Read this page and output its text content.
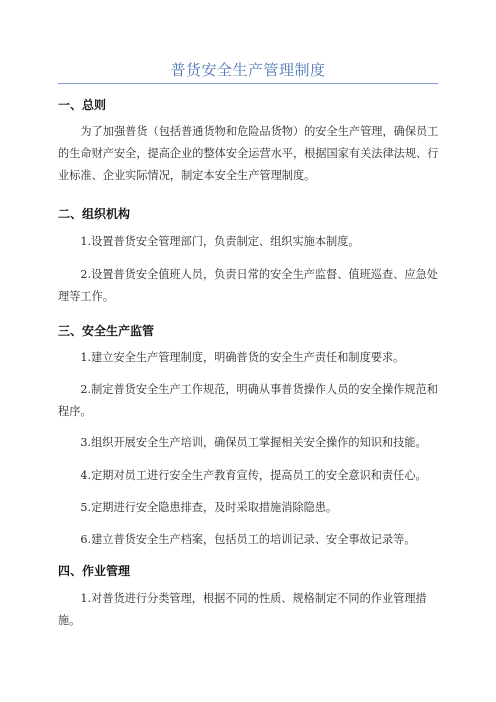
普货安全生产管理制度
一、总则

为了加强普货（包括普通货物和危险品货物）的安全生产管理，确保员工的生命财产安全，提高企业的整体安全运营水平，根据国家有关法律法规、行业标准、企业实际情况，制定本安全生产管理制度。

二、组织机构

1.设置普货安全管理部门，负责制定、组织实施本制度。

2.设置普货安全值班人员，负责日常的安全生产监督、值班巡查、应急处理等工作。

三、安全生产监管

1.建立安全生产管理制度，明确普货的安全生产责任和制度要求。

2.制定普货安全生产工作规范，明确从事普货操作人员的安全操作规范和程序。

3.组织开展安全生产培训，确保员工掌握相关安全操作的知识和技能。

4.定期对员工进行安全生产教育宣传，提高员工的安全意识和责任心。

5.定期进行安全隐患排查，及时采取措施消除隐患。

6.建立普货安全生产档案，包括员工的培训记录、安全事故记录等。

四、作业管理

1.对普货进行分类管理，根据不同的性质、规格制定不同的作业管理措施。
